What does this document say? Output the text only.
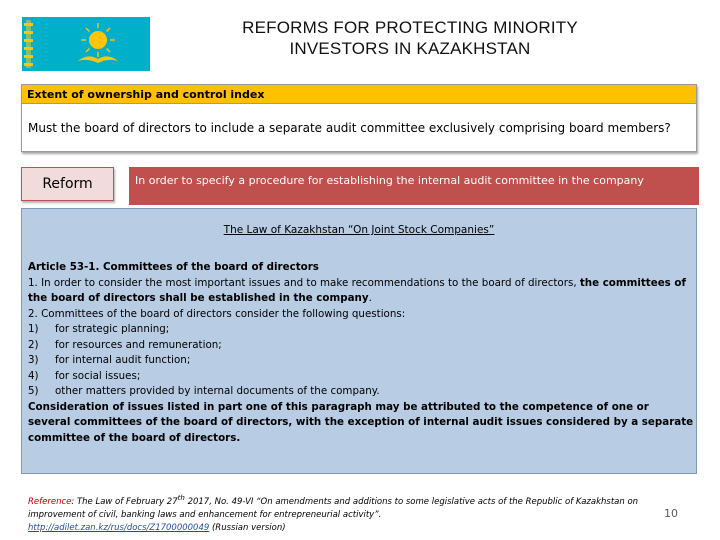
REFORMS FOR PROTECTING MINORITY
INVESTORS IN KAZAKHSTAN
Extent of ownership and control index
Must the board of directors to include a separate audit committee exclusively comprising board members?
Reform	In order to specify a procedure for establishing the internal audit committee in the company
The Law of Kazakhstan “On Joint Stock Companies”

Article 53-1. Committees of the board of directors

1. In order to consider the most important issues and to make recommendations to the board of directors, the committees of the board of directors shall be established in the company.

2. Committees of the board of directors consider the following questions:

1)	for strategic planning;
2)	for resources and remuneration;
3)	for internal audit function;
4)	for social issues;
5)	other matters provided by internal documents of the company.

Consideration of issues listed in part one of this paragraph may be attributed to the competence of one or several committees of the board of directors, with the exception of internal audit issues considered by a separate committee of the board of directors.

Reference: The Law of February 27th 2017, No. 49-VI “On amendments and additions to some legislative acts of the Republic of Kazakhstan on improvement of civil, banking laws and enhancement for entrepreneurial activity”.
http://adilet.zan.kz/rus/docs/Z1700000049 (Russian version)
10
